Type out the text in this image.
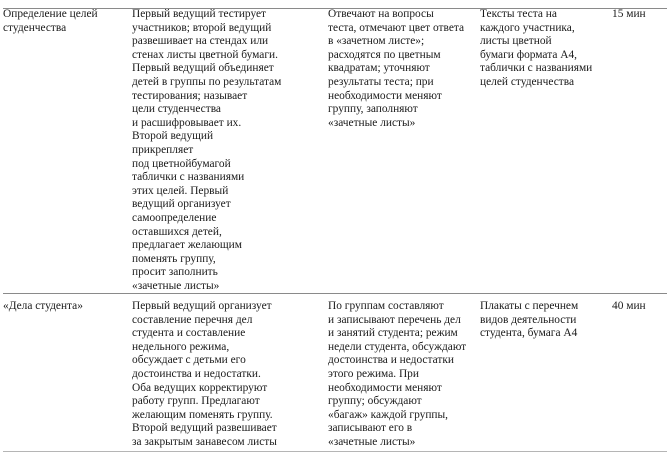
Определение целей
студенчества
Первый ведущий тестирует
участников; второй ведущий
развешивает на стендах или
стенах листы цветной бумаги.
Первый ведущий объединяет
детей в группы по результатам
тестирования; называет
цели студенчества
и расшифровывает их.
Второй ведущий
прикрепляет
под цветнойбумагой
таблички с названиями
этих целей. Первый
ведущий организует
самоопределение
оставшихся детей,
предлагает желающим
поменять группу,
просит заполнить
«зачетные листы»
Отвечают на вопросы
теста, отмечают цвет ответа
в «зачетном листе»;
расходятся по цветным
квадратам; уточняют
результаты теста; при
необходимости меняют
группу, заполняют
«зачетные листы»
Тексты теста на
каждого участника,
листы цветной
бумаги формата А4,
таблички с названиями
целей студенчества
15 мин
«Дела студента»	Первый ведущий организует
составление перечня дел
студента и составление
недельного режима,
обсуждает с детьми его
достоинства и недостатки.
Оба ведущих корректируют
работу групп. Предлагают
желающим поменять группу.
Второй ведущий развешивает
за закрытым занавесом листы
По группам составляют
и записывают перечень дел
и занятий студента; режим
недели студента, обсуждают
достоинства и недостатки
этого режима. При
необходимости меняют
группу; обсуждают
«багаж» каждой группы,
записывают его в
«зачетные листы»
Плакаты с перечнем
видов деятельности
студента, бумага А4
40 мин
